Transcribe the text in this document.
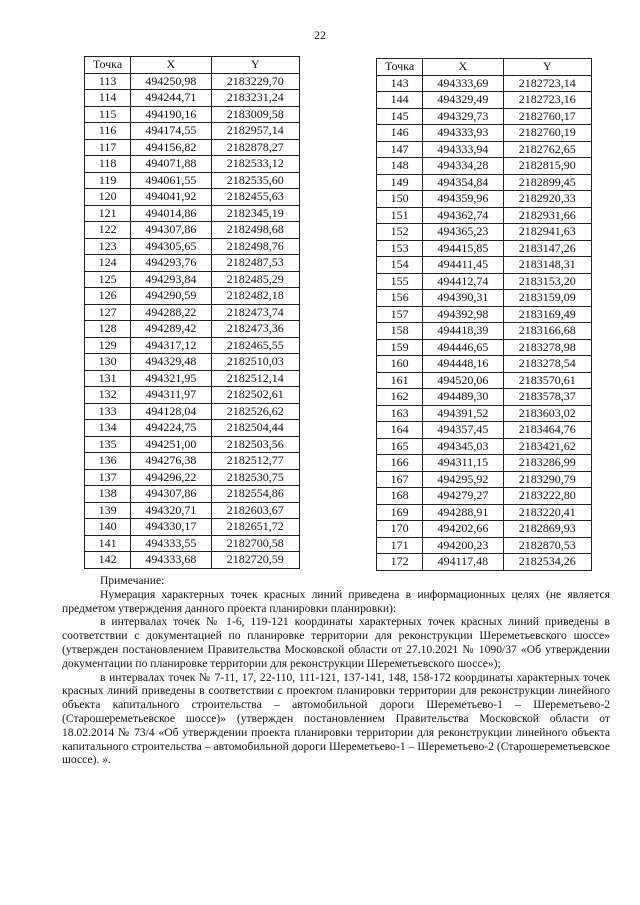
22
Точка	X	Y
113	494250,98	2183229,70
114	494244,71	2183231,24
115	494190,16	2183009,58
116	494174,55	2182957,14
117	494156,82	2182878,27
118	494071,88	2182533,12
119	494061,55	2182535,60
120	494041,92	2182455,63
121	494014,86	2182345,19
122	494307,86	2182498,68
123	494305,65	2182498,76
124	494293,76	2182487,53
125	494293,84	2182485,29
126	494290,59	2182482,18
127	494288,22	2182473,74
128	494289,42	2182473,36
129	494317,12	2182465,55
130	494329,48	2182510,03
131	494321,95	2182512,14
132	494311,97	2182502,61
133	494128,04	2182526,62
134	494224,75	2182504,44
135	494251,00	2182503,56
136	494276,38	2182512,77
137	494296,22	2182530,75
138	494307,86	2182554,86
139	494320,71	2182603,67
140	494330,17	2182651,72
141	494333,55	2182700,58
142	494333,68	2182720,59
Точка	X	Y
143	494333,69	2182723,14
144	494329,49	2182723,16
145	494329,73	2182760,17
146	494333,93	2182760,19
147	494333,94	2182762,65
148	494334,28	2182815,90
149	494354,84	2182899,45
150	494359,96	2182920,33
151	494362,74	2182931,66
152	494365,23	2182941,63
153	494415,85	2183147,26
154	494411,45	2183148,31
155	494412,74	2183153,20
156	494390,31	2183159,09
157	494392,98	2183169,49
158	494418,39	2183166,68
159	494446,65	2183278,98
160	494448,16	2183278,54
161	494520,06	2183570,61
162	494489,30	2183578,37
163	494391,52	2183603,02
164	494357,45	2183464,76
165	494345,03	2183421,62
166	494311,15	2183286,99
167	494295,92	2183290,79
168	494279,27	2183222,80
169	494288,91	2183220,41
170	494202,66	2182869,93
171	494200,23	2182870,53
172	494117,48	2182534,26

Примечание:

Нумерация характерных точек красных линий приведена в информационных целях (не является предметом утверждения данного проекта планировки планировки):

в интервалах точек № 1-6, 119-121 координаты характерных точек красных линий приведены в соответствии с документацией по планировке территории для реконструкции Шереметьевского шоссе» (утвержден постановлением Правительства Московской области от 27.10.2021 № 1090/37 «Об утверждении документации по планировке территории для реконструкции Шереметьевского шоссе»);

в интервалах точек № 7-11, 17, 22-110, 111-121, 137-141, 148, 158-172 координаты характерных точек красных линий приведены в соответствии с проектом планировки территории для реконструкции линейного объекта капитального строительства – автомобильной дороги Шереметьево-1 – Шереметьево-2 (Старошереметьевское шоссе)» (утвержден постановлением Правительства Московской области от 18.02.2014 № 73/4 «Об утверждении проекта планировки территории для реконструкции линейного объекта капитального строительства – автомобильной дороги Шереметьево-1 – Шереметьево-2 (Старошереметьевское шоссе). ».
